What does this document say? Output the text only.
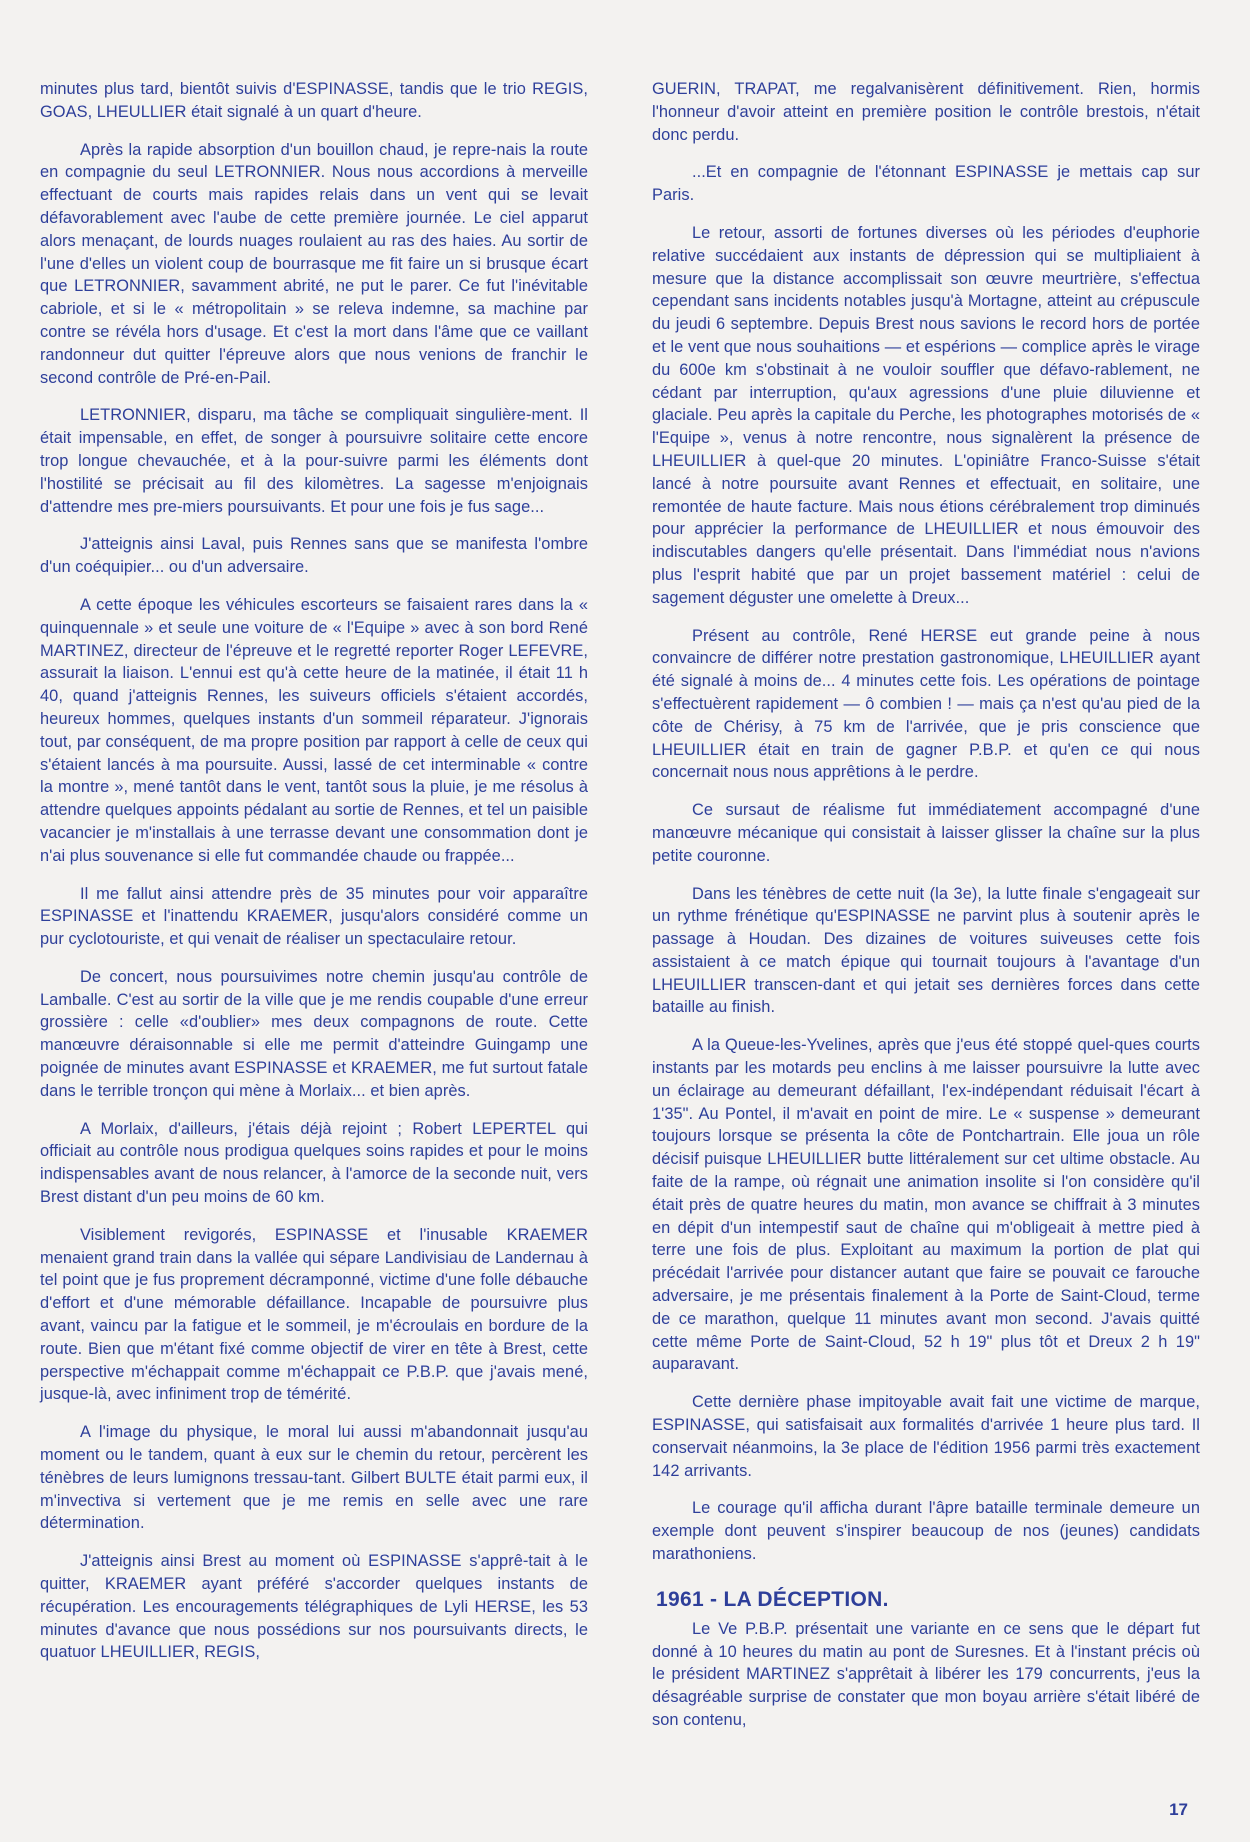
minutes plus tard, bientôt suivis d'ESPINASSE, tandis que le trio REGIS, GOAS, LHEULLIER était signalé à un quart d'heure.

Après la rapide absorption d'un bouillon chaud, je repre-nais la route en compagnie du seul LETRONNIER. Nous nous accordions à merveille effectuant de courts mais rapides relais dans un vent qui se levait défavorablement avec l'aube de cette première journée. Le ciel apparut alors menaçant, de lourds nuages roulaient au ras des haies. Au sortir de l'une d'elles un violent coup de bourrasque me fit faire un si brusque écart que LETRONNIER, savamment abrité, ne put le parer. Ce fut l'inévitable cabriole, et si le « métropolitain » se releva indemne, sa machine par contre se révéla hors d'usage. Et c'est la mort dans l'âme que ce vaillant randonneur dut quitter l'épreuve alors que nous venions de franchir le second contrôle de Pré-en-Pail.

LETRONNIER, disparu, ma tâche se compliquait singulière-ment. Il était impensable, en effet, de songer à poursuivre solitaire cette encore trop longue chevauchée, et à la pour-suivre parmi les éléments dont l'hostilité se précisait au fil des kilomètres. La sagesse m'enjoignais d'attendre mes pre-miers poursuivants. Et pour une fois je fus sage...

J'atteignis ainsi Laval, puis Rennes sans que se manifesta l'ombre d'un coéquipier... ou d'un adversaire.

A cette époque les véhicules escorteurs se faisaient rares dans la « quinquennale » et seule une voiture de « l'Equipe » avec à son bord René MARTINEZ, directeur de l'épreuve et le regretté reporter Roger LEFEVRE, assurait la liaison. L'ennui est qu'à cette heure de la matinée, il était 11 h 40, quand j'atteignis Rennes, les suiveurs officiels s'étaient accordés, heureux hommes, quelques instants d'un sommeil réparateur. J'ignorais tout, par conséquent, de ma propre position par rapport à celle de ceux qui s'étaient lancés à ma poursuite. Aussi, lassé de cet interminable « contre la montre », mené tantôt dans le vent, tantôt sous la pluie, je me résolus à attendre quelques appoints pédalant au sortie de Rennes, et tel un paisible vacancier je m'installais à une terrasse devant une consommation dont je n'ai plus souvenance si elle fut commandée chaude ou frappée...

Il me fallut ainsi attendre près de 35 minutes pour voir apparaître ESPINASSE et l'inattendu KRAEMER, jusqu'alors considéré comme un pur cyclotouriste, et qui venait de réaliser un spectaculaire retour.

De concert, nous poursuivimes notre chemin jusqu'au contrôle de Lamballe. C'est au sortir de la ville que je me rendis coupable d'une erreur grossière : celle «d'oublier» mes deux compagnons de route. Cette manœuvre déraisonnable si elle me permit d'atteindre Guingamp une poignée de minutes avant ESPINASSE et KRAEMER, me fut surtout fatale dans le terrible tronçon qui mène à Morlaix... et bien après.

A Morlaix, d'ailleurs, j'étais déjà rejoint ; Robert LEPERTEL qui officiait au contrôle nous prodigua quelques soins rapides et pour le moins indispensables avant de nous relancer, à l'amorce de la seconde nuit, vers Brest distant d'un peu moins de 60 km.

Visiblement revigorés, ESPINASSE et l'inusable KRAEMER menaient grand train dans la vallée qui sépare Landivisiau de Landernau à tel point que je fus proprement décramponné, victime d'une folle débauche d'effort et d'une mémorable défaillance. Incapable de poursuivre plus avant, vaincu par la fatigue et le sommeil, je m'écroulais en bordure de la route. Bien que m'étant fixé comme objectif de virer en tête à Brest, cette perspective m'échappait comme m'échappait ce P.B.P. que j'avais mené, jusque-là, avec infiniment trop de témérité.

A l'image du physique, le moral lui aussi m'abandonnait jusqu'au moment ou le tandem, quant à eux sur le chemin du retour, percèrent les ténèbres de leurs lumignons tressau-tant. Gilbert BULTE était parmi eux, il m'invectiva si vertement que je me remis en selle avec une rare détermination.

J'atteignis ainsi Brest au moment où ESPINASSE s'apprê-tait à le quitter, KRAEMER ayant préféré s'accorder quelques instants de récupération. Les encouragements télégraphiques de Lyli HERSE, les 53 minutes d'avance que nous possédions sur nos poursuivants directs, le quatuor LHEUILLIER, REGIS,

GUERIN, TRAPAT, me regalvanisèrent définitivement. Rien, hormis l'honneur d'avoir atteint en première position le contrôle brestois, n'était donc perdu.

...Et en compagnie de l'étonnant ESPINASSE je mettais cap sur Paris.

Le retour, assorti de fortunes diverses où les périodes d'euphorie relative succédaient aux instants de dépression qui se multipliaient à mesure que la distance accomplissait son œuvre meurtrière, s'effectua cependant sans incidents notables jusqu'à Mortagne, atteint au crépuscule du jeudi 6 septembre. Depuis Brest nous savions le record hors de portée et le vent que nous souhaitions — et espérions — complice après le virage du 600e km s'obstinait à ne vouloir souffler que défavo-rablement, ne cédant par interruption, qu'aux agressions d'une pluie diluvienne et glaciale. Peu après la capitale du Perche, les photographes motorisés de « l'Equipe », venus à notre rencontre, nous signalèrent la présence de LHEUILLIER à quel-que 20 minutes. L'opiniâtre Franco-Suisse s'était lancé à notre poursuite avant Rennes et effectuait, en solitaire, une remontée de haute facture. Mais nous étions cérébralement trop diminués pour apprécier la performance de LHEUILLIER et nous émouvoir des indiscutables dangers qu'elle présentait. Dans l'immédiat nous n'avions plus l'esprit habité que par un projet bassement matériel : celui de sagement déguster une omelette à Dreux...

Présent au contrôle, René HERSE eut grande peine à nous convaincre de différer notre prestation gastronomique, LHEUILLIER ayant été signalé à moins de... 4 minutes cette fois. Les opérations de pointage s'effectuèrent rapidement — ô combien ! — mais ça n'est qu'au pied de la côte de Chérisy, à 75 km de l'arrivée, que je pris conscience que LHEUILLIER était en train de gagner P.B.P. et qu'en ce qui nous concernait nous nous apprêtions à le perdre.

Ce sursaut de réalisme fut immédiatement accompagné d'une manœuvre mécanique qui consistait à laisser glisser la chaîne sur la plus petite couronne.

Dans les ténèbres de cette nuit (la 3e), la lutte finale s'engageait sur un rythme frénétique qu'ESPINASSE ne parvint plus à soutenir après le passage à Houdan. Des dizaines de voitures suiveuses cette fois assistaient à ce match épique qui tournait toujours à l'avantage d'un LHEUILLIER transcen-dant et qui jetait ses dernières forces dans cette bataille au finish.

A la Queue-les-Yvelines, après que j'eus été stoppé quel-ques courts instants par les motards peu enclins à me laisser poursuivre la lutte avec un éclairage au demeurant défaillant, l'ex-indépendant réduisait l'écart à 1'35". Au Pontel, il m'avait en point de mire. Le « suspense » demeurant toujours lorsque se présenta la côte de Pontchartrain. Elle joua un rôle décisif puisque LHEUILLIER butte littéralement sur cet ultime obstacle. Au faite de la rampe, où régnait une animation insolite si l'on considère qu'il était près de quatre heures du matin, mon avance se chiffrait à 3 minutes en dépit d'un intempestif saut de chaîne qui m'obligeait à mettre pied à terre une fois de plus. Exploitant au maximum la portion de plat qui précédait l'arrivée pour distancer autant que faire se pouvait ce farouche adversaire, je me présentais finalement à la Porte de Saint-Cloud, terme de ce marathon, quelque 11 minutes avant mon second. J'avais quitté cette même Porte de Saint-Cloud, 52 h 19" plus tôt et Dreux 2 h 19" auparavant.

Cette dernière phase impitoyable avait fait une victime de marque, ESPINASSE, qui satisfaisait aux formalités d'arrivée 1 heure plus tard. Il conservait néanmoins, la 3e place de l'édition 1956 parmi très exactement 142 arrivants.

Le courage qu'il afficha durant l'âpre bataille terminale demeure un exemple dont peuvent s'inspirer beaucoup de nos (jeunes) candidats marathoniens.

1961 - LA DÉCEPTION.

Le Ve P.B.P. présentait une variante en ce sens que le départ fut donné à 10 heures du matin au pont de Suresnes. Et à l'instant précis où le président MARTINEZ s'apprêtait à libérer les 179 concurrents, j'eus la désagréable surprise de constater que mon boyau arrière s'était libéré de son contenu,

17
